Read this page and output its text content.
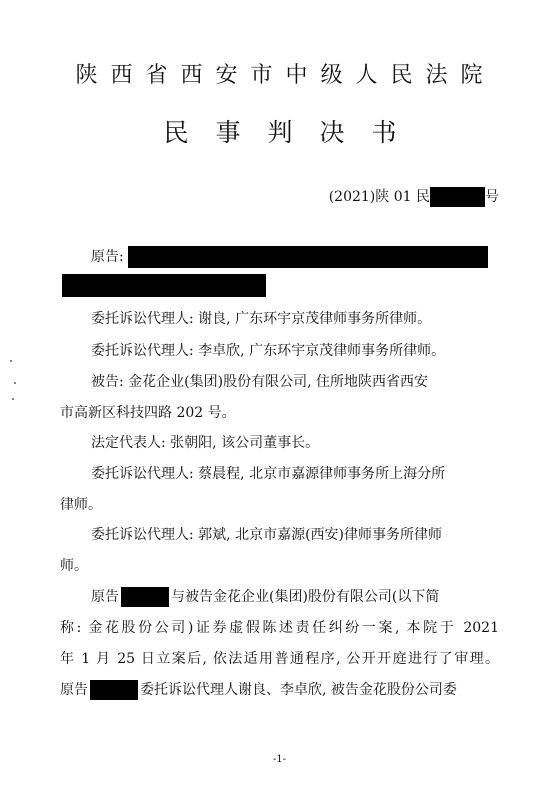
陕西省西安市中级人民法院
民事判决书
(2021)陕 01 民	号
原告:
委托诉讼代理人: 谢良, 广东环宇京茂律师事务所律师。
委托诉讼代理人: 李卓欣, 广东环宇京茂律师事务所律师。
被告: 金花企业(集团)股份有限公司, 住所地陕西省西安
市高新区科技四路 202 号。
法定代表人: 张朝阳, 该公司董事长。
委托诉讼代理人: 蔡晨程, 北京市嘉源律师事务所上海分所
律师。
委托诉讼代理人: 郭斌, 北京市嘉源(西安)律师事务所律师
师。
原告	与被告金花企业(集团)股份有限公司(以下简
称: 金花股份公司)证券虚假陈述责任纠纷一案, 本院于 2021
年 1 月 25 日立案后, 依法适用普通程序, 公开开庭进行了审理。
原告	委托诉讼代理人谢良、李卓欣, 被告金花股份公司委
-1-
